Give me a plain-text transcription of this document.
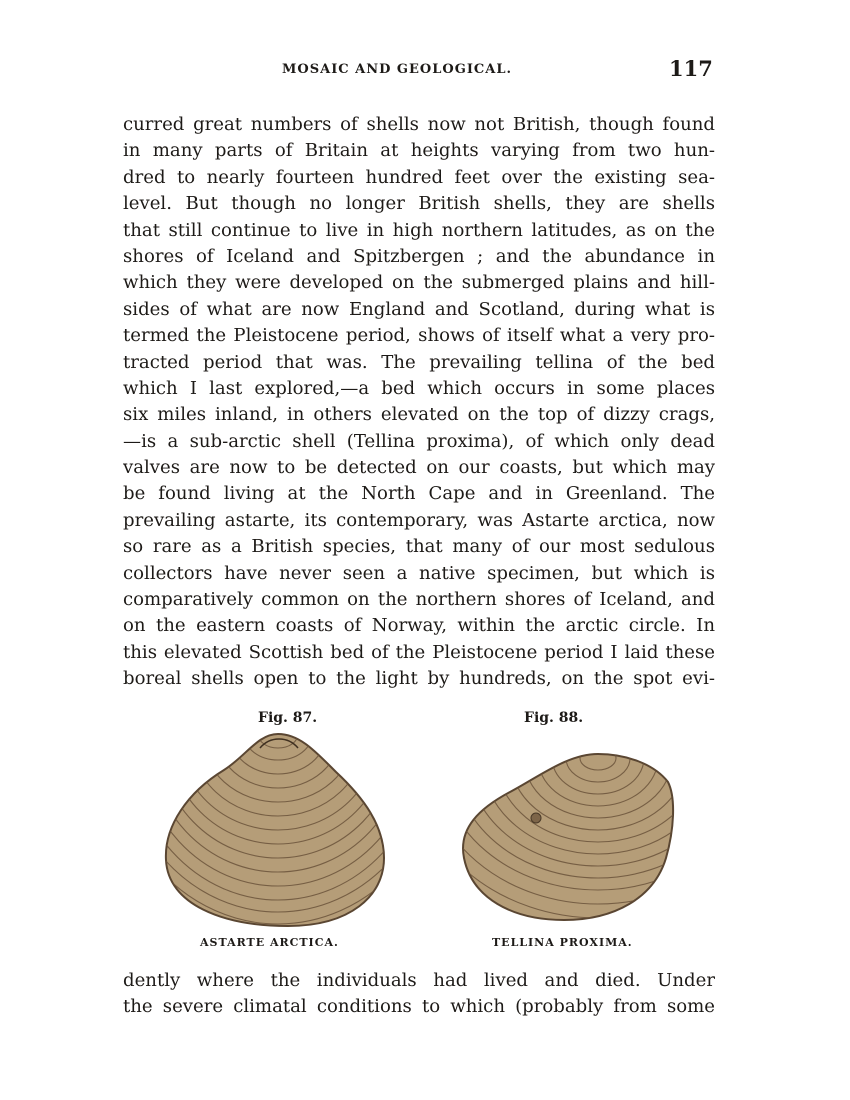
MOSAIC AND GEOLOGICAL.	117
curred great numbers of shells now not British, though found
in many parts of Britain at heights varying from two hun-
dred to nearly fourteen hundred feet over the existing sea-
level. But though no longer British shells, they are shells
that still continue to live in high northern latitudes, as on the
shores of Iceland and Spitzbergen ; and the abundance in
which they were developed on the submerged plains and hill-
sides of what are now England and Scotland, during what is
termed the Pleistocene period, shows of itself what a very pro-
tracted period that was. The prevailing tellina of the bed
which I last explored,—a bed which occurs in some places
six miles inland, in others elevated on the top of dizzy crags,
—is a sub-arctic shell (Tellina proxima), of which only dead
valves are now to be detected on our coasts, but which may
be found living at the North Cape and in Greenland. The
prevailing astarte, its contemporary, was Astarte arctica, now
so rare as a British species, that many of our most sedulous
collectors have never seen a native specimen, but which is
comparatively common on the northern shores of Iceland, and
on the eastern coasts of Norway, within the arctic circle. In
this elevated Scottish bed of the Pleistocene period I laid these
boreal shells open to the light by hundreds, on the spot evi-
Fig. 87.	Fig. 88.
ASTARTE ARCTICA.	TELLINA PROXIMA.
dently where the individuals had lived and died. Under
the severe climatal conditions to which (probably from some
